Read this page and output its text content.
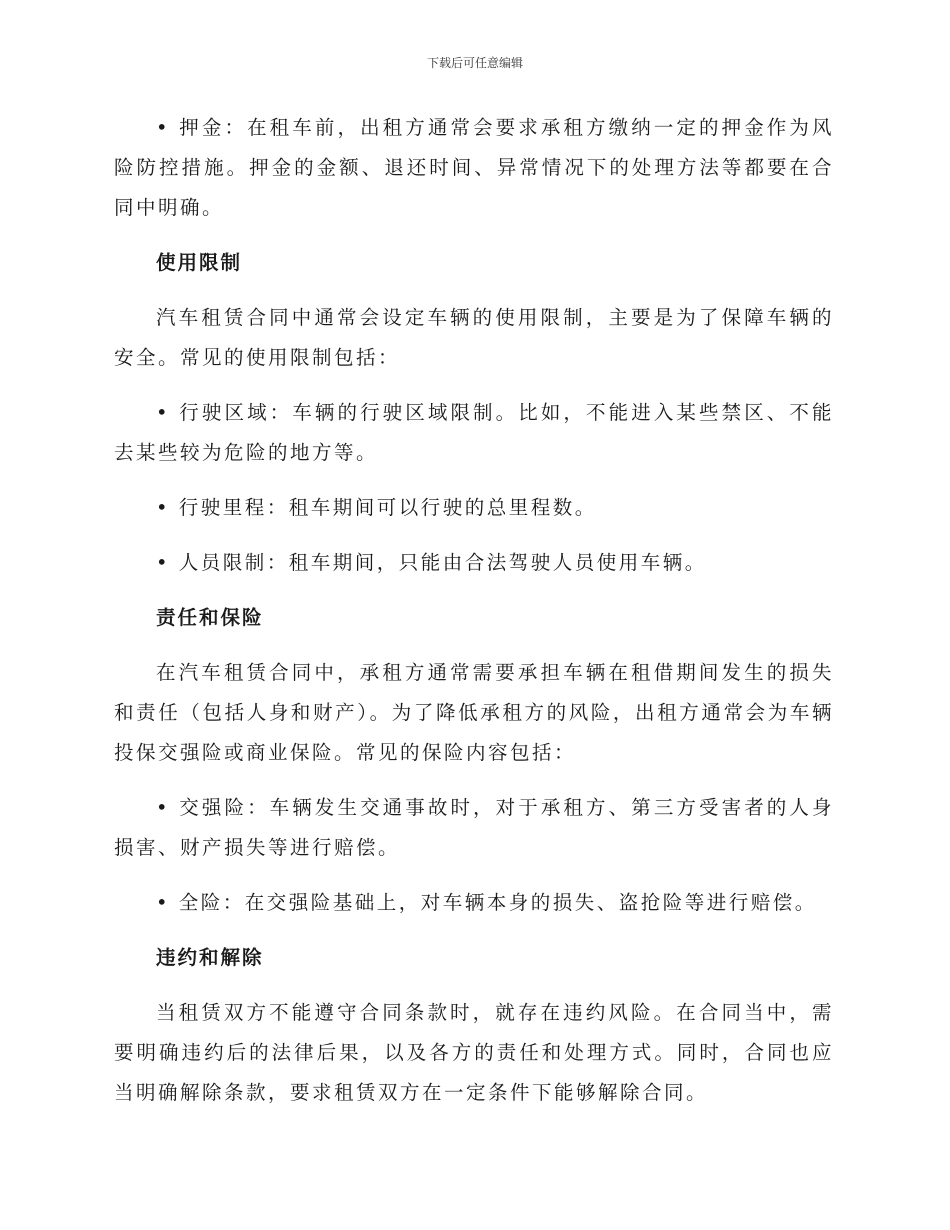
下载后可任意编辑

• 押金：在租车前，出租方通常会要求承租方缴纳一定的押金作为风险防控措施。押金的金额、退还时间、异常情况下的处理方法等都要在合同中明确。

使用限制

汽车租赁合同中通常会设定车辆的使用限制，主要是为了保障车辆的安全。常见的使用限制包括：

• 行驶区域：车辆的行驶区域限制。比如，不能进入某些禁区、不能去某些较为危险的地方等。

• 行驶里程：租车期间可以行驶的总里程数。

• 人员限制：租车期间，只能由合法驾驶人员使用车辆。

责任和保险

在汽车租赁合同中，承租方通常需要承担车辆在租借期间发生的损失和责任（包括人身和财产）。为了降低承租方的风险，出租方通常会为车辆投保交强险或商业保险。常见的保险内容包括：

• 交强险：车辆发生交通事故时，对于承租方、第三方受害者的人身损害、财产损失等进行赔偿。

• 全险：在交强险基础上，对车辆本身的损失、盗抢险等进行赔偿。

违约和解除

当租赁双方不能遵守合同条款时，就存在违约风险。在合同当中，需要明确违约后的法律后果，以及各方的责任和处理方式。同时，合同也应当明确解除条款，要求租赁双方在一定条件下能够解除合同。
